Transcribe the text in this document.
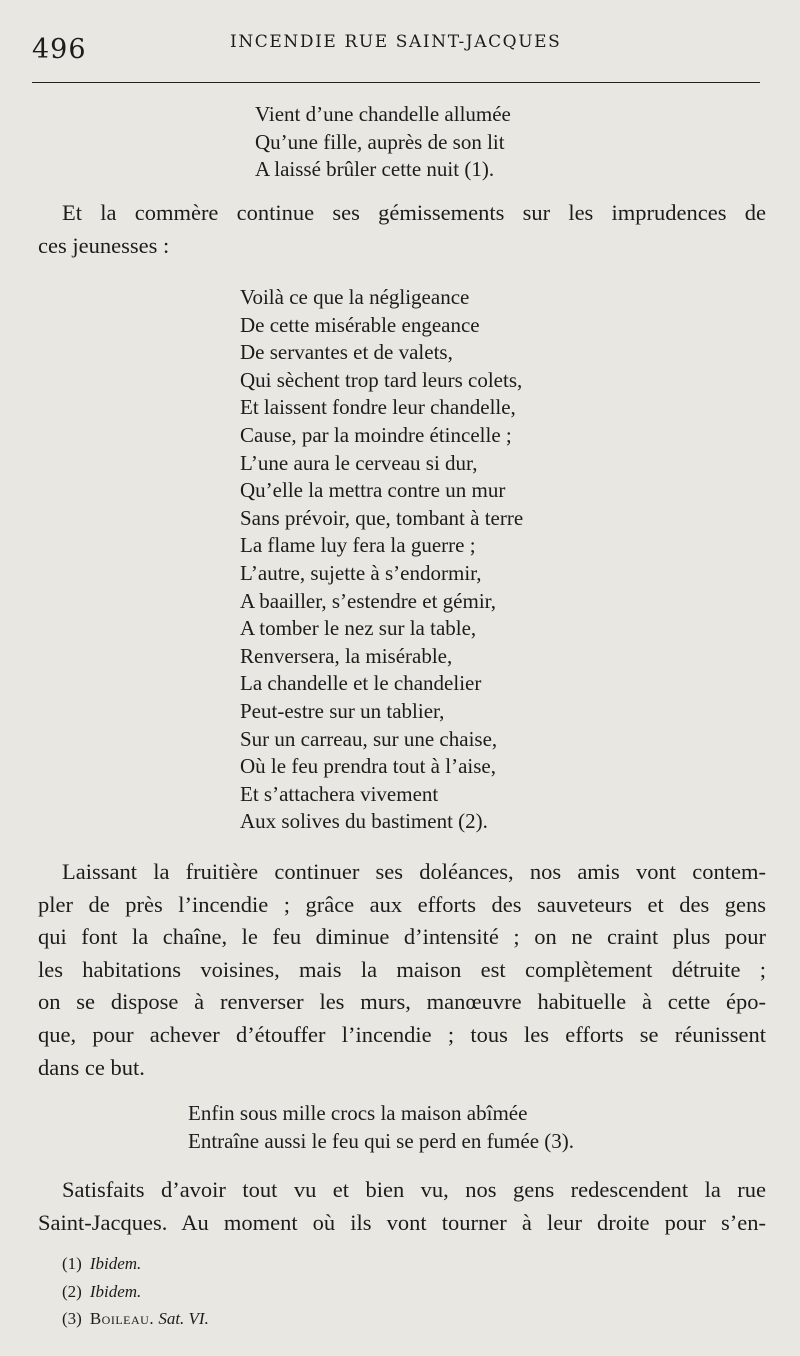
496	INCENDIE RUE SAINT-JACQUES
Vient d’une chandelle allumée
Qu’une fille, auprès de son lit
A laissé brûler cette nuit (1).

Et la commère continue ses gémissements sur les imprudences de
ces jeunesses :

Voilà ce que la négligeance
De cette misérable engeance
De servantes et de valets,
Qui sèchent trop tard leurs colets,
Et laissent fondre leur chandelle,
Cause, par la moindre étincelle ;
L’une aura le cerveau si dur,
Qu’elle la mettra contre un mur
Sans prévoir, que, tombant à terre
La flame luy fera la guerre ;
L’autre, sujette à s’endormir,
A baailler, s’estendre et gémir,
A tomber le nez sur la table,
Renversera, la misérable,
La chandelle et le chandelier
Peut-estre sur un tablier,
Sur un carreau, sur une chaise,
Où le feu prendra tout à l’aise,
Et s’attachera vivement
Aux solives du bastiment (2).

Laissant la fruitière continuer ses doléances, nos amis vont contem-
pler de près l’incendie ; grâce aux efforts des sauveteurs et des gens
qui font la chaîne, le feu diminue d’intensité ; on ne craint plus pour
les habitations voisines, mais la maison est complètement détruite ;
on se dispose à renverser les murs, manœuvre habituelle à cette épo-
que, pour achever d’étouffer l’incendie ; tous les efforts se réunissent
dans ce but.

Enfin sous mille crocs la maison abîmée
Entraîne aussi le feu qui se perd en fumée (3).

Satisfaits d’avoir tout vu et bien vu, nos gens redescendent la rue
Saint-Jacques. Au moment où ils vont tourner à leur droite pour s’en-

(1) Ibidem.
(2) Ibidem.
(3) Boileau. Sat. VI.
